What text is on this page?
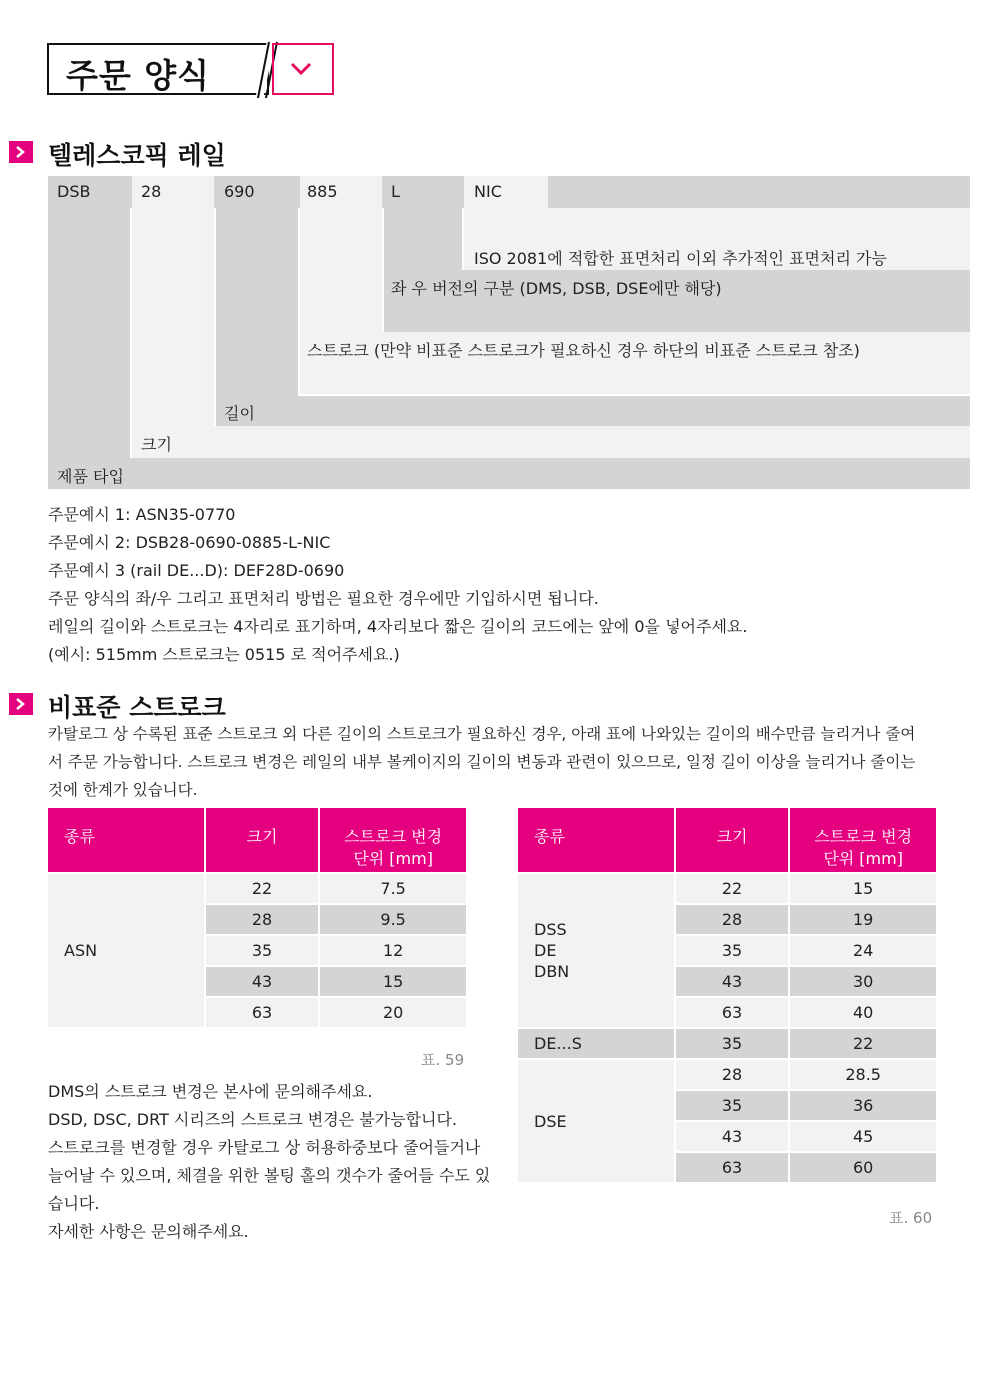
주문 양식
텔레스코픽 레일
DSB	28	690	885	L	NIC
ISO 2081에 적합한 표면처리 이외 추가적인 표면처리 가능
좌 우 버전의 구분 (DMS, DSB, DSE에만 해당)
스트로크 (만약 비표준 스트로크가 필요하신 경우 하단의 비표준 스트로크 참조)
길이
크기
제품 타입
주문예시 1: ASN35-0770
주문예시 2: DSB28-0690-0885-L-NIC
주문예시 3 (rail DE...D): DEF28D-0690
주문 양식의 좌/우 그리고 표면처리 방법은 필요한 경우에만 기입하시면 됩니다.
레일의 길이와 스트로크는 4자리로 표기하며, 4자리보다 짧은 길이의 코드에는 앞에 0을 넣어주세요.
(예시: 515mm 스트로크는 0515 로 적어주세요.)
비표준 스트로크
카탈로그 상 수록된 표준 스트로크 외 다른 길이의 스트로크가 필요하신 경우, 아래 표에 나와있는 길이의 배수만큼 늘리거나 줄여
서 주문 가능합니다. 스트로크 변경은 레일의 내부 볼케이지의 길이의 변동과 관련이 있으므로, 일정 길이 이상을 늘리거나 줄이는
것에 한계가 있습니다.
종류	크기	스트로크 변경
단위 [mm]
ASN	22	7.5
	28	9.5
	35	12
	43	15
	63	20
표. 59
DMS의 스트로크 변경은 본사에 문의해주세요.
DSD, DSC, DRT 시리즈의 스트로크 변경은 불가능합니다.
스트로크를 변경할 경우 카탈로그 상 허용하중보다 줄어들거나
늘어날 수 있으며, 체결을 위한 볼팅 홀의 갯수가 줄어들 수도 있
습니다.
자세한 사항은 문의해주세요.
종류	크기	스트로크 변경
단위 [mm]

DSS
DE
DBN	22	15
	28	19
	35	24
	43	30
	63	40
DE...S	35	22
DSE	28	28.5
	35	36
	43	45
	63	60
표. 60
